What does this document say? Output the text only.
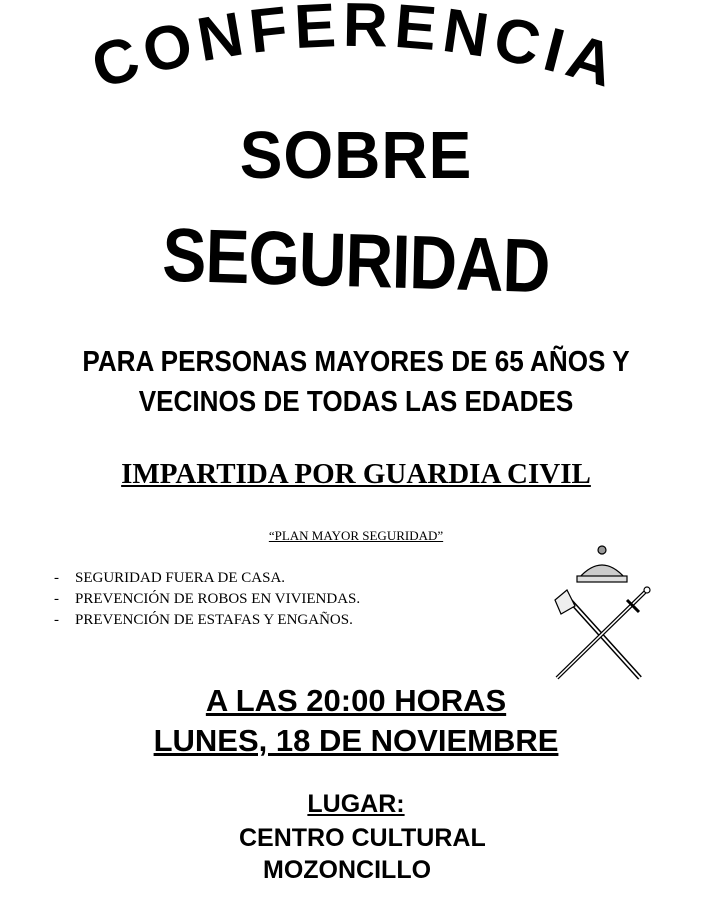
CONFERENCIA
SOBRE
SEGURIDAD
PARA PERSONAS MAYORES DE 65 AÑOS Y
VECINOS DE TODAS LAS EDADES
IMPARTIDA POR GUARDIA CIVIL
“PLAN MAYOR SEGURIDAD”
-	SEGURIDAD FUERA DE CASA.
-	PREVENCIÓN DE ROBOS EN VIVIENDAS.
-	PREVENCIÓN DE ESTAFAS Y ENGAÑOS.
A LAS 20:00 HORAS
LUNES, 18 DE NOVIEMBRE
LUGAR:
CENTRO CULTURAL
MOZONCILLO
